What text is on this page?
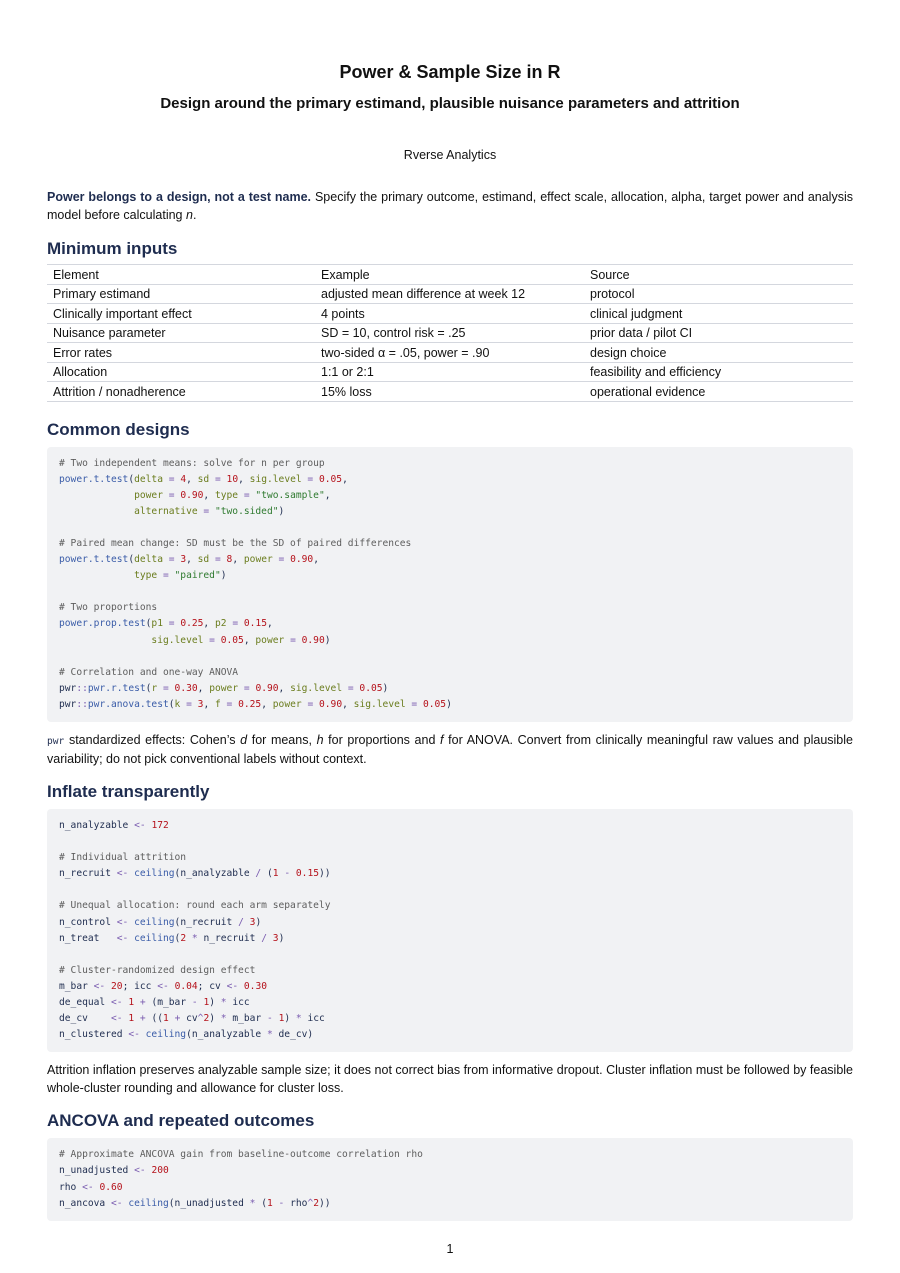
Power & Sample Size in R
Design around the primary estimand, plausible nuisance parameters and attrition
Rverse Analytics

Power belongs to a design, not a test name. Specify the primary outcome, estimand, effect scale, allocation, alpha, target power and analysis model before calculating n.

Minimum inputs
Element	Example	Source
Primary estimand	adjusted mean difference at week 12	protocol
Clinically important effect	4 points	clinical judgment
Nuisance parameter	SD = 10, control risk = .25	prior data / pilot CI
Error rates	two-sided α = .05, power = .90	design choice
Allocation	1:1 or 2:1	feasibility and efficiency
Attrition / nonadherence	15% loss	operational evidence
Common designs
# Two independent means: solve for n per group
power.t.test(delta = 4, sd = 10, sig.level = 0.05,
power = 0.90, type = "two.sample",
alternative = "two.sided")
# Paired mean change: SD must be the SD of paired differences
power.t.test(delta = 3, sd = 8, power = 0.90,
type = "paired")
# Two proportions
power.prop.test(p1 = 0.25, p2 = 0.15,
sig.level = 0.05, power = 0.90)
# Correlation and one-way ANOVA
pwr::pwr.r.test(r = 0.30, power = 0.90, sig.level = 0.05)
pwr::pwr.anova.test(k = 3, f = 0.25, power = 0.90, sig.level = 0.05)

pwr standardized effects: Cohen’s d for means, h for proportions and f for ANOVA. Convert from clinically meaningful raw values and plausible variability; do not pick conventional labels without context.

Inflate transparently
n_analyzable <- 172
# Individual attrition
n_recruit <- ceiling(n_analyzable / (1 - 0.15))
# Unequal allocation: round each arm separately
n_control <- ceiling(n_recruit / 3)
n_treat   <- ceiling(2 * n_recruit / 3)
# Cluster-randomized design effect
m_bar <- 20; icc <- 0.04; cv <- 0.30
de_equal <- 1 + (m_bar - 1) * icc
de_cv    <- 1 + ((1 + cv^2) * m_bar - 1) * icc
n_clustered <- ceiling(n_analyzable * de_cv)

Attrition inflation preserves analyzable sample size; it does not correct bias from informative dropout. Cluster inflation must be followed by feasible whole-cluster rounding and allowance for cluster loss.

ANCOVA and repeated outcomes
# Approximate ANCOVA gain from baseline-outcome correlation rho
n_unadjusted <- 200
rho <- 0.60
n_ancova <- ceiling(n_unadjusted * (1 - rho^2))
1
